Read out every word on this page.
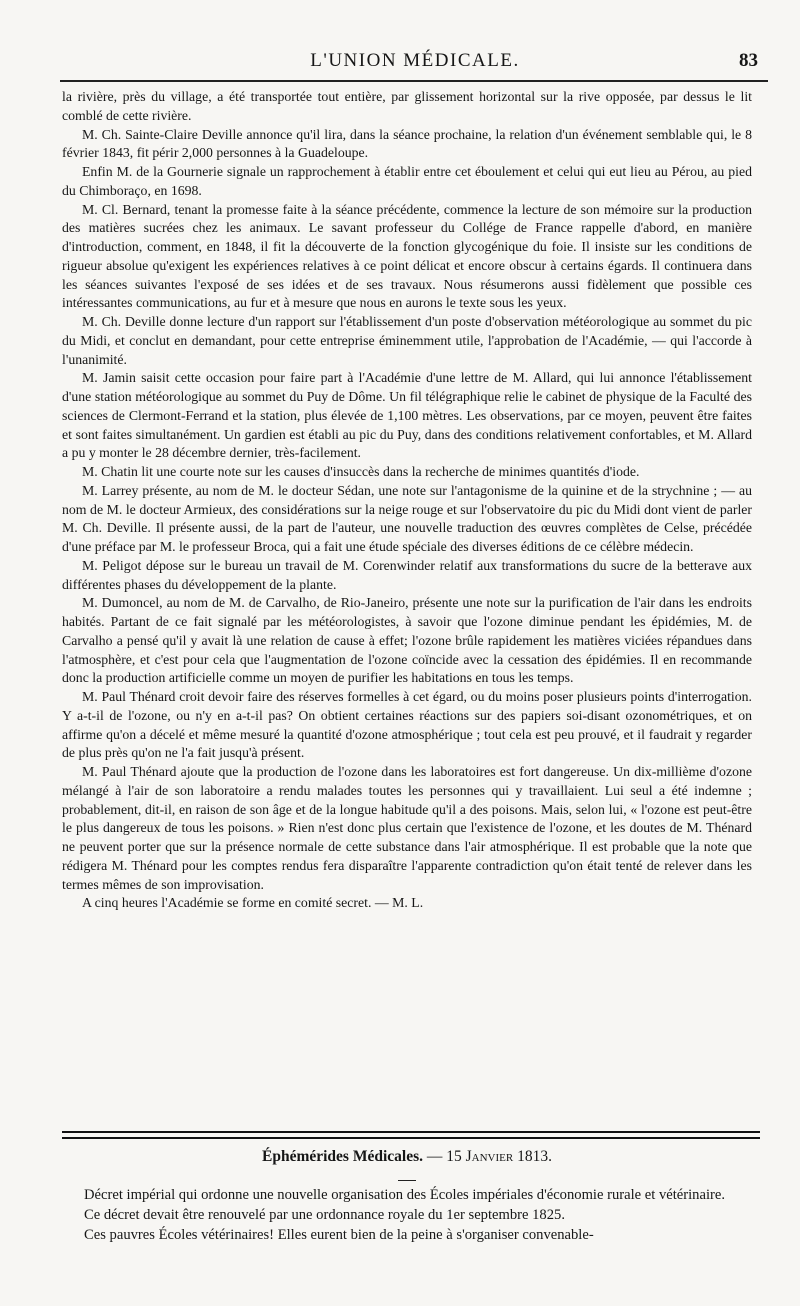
L'UNION MÉDICALE.	83

la rivière, près du village, a été transportée tout entière, par glissement horizontal sur la rive opposée, par dessus le lit comblé de cette rivière.

M. Ch. Sainte-Claire Deville annonce qu'il lira, dans la séance prochaine, la relation d'un événement semblable qui, le 8 février 1843, fit périr 2,000 personnes à la Guadeloupe.

Enfin M. de la Gournerie signale un rapprochement à établir entre cet éboulement et celui qui eut lieu au Pérou, au pied du Chimboraço, en 1698.

M. Cl. Bernard, tenant la promesse faite à la séance précédente, commence la lecture de son mémoire sur la production des matières sucrées chez les animaux. Le savant professeur du Collége de France rappelle d'abord, en manière d'introduction, comment, en 1848, il fit la découverte de la fonction glycogénique du foie. Il insiste sur les conditions de rigueur absolue qu'exigent les expériences relatives à ce point délicat et encore obscur à certains égards. Il continuera dans les séances suivantes l'exposé de ses idées et de ses travaux. Nous résumerons aussi fidèlement que possible ces intéressantes communications, au fur et à mesure que nous en aurons le texte sous les yeux.

M. Ch. Deville donne lecture d'un rapport sur l'établissement d'un poste d'observation météorologique au sommet du pic du Midi, et conclut en demandant, pour cette entreprise éminemment utile, l'approbation de l'Académie, — qui l'accorde à l'unanimité.

M. Jamin saisit cette occasion pour faire part à l'Académie d'une lettre de M. Allard, qui lui annonce l'établissement d'une station météorologique au sommet du Puy de Dôme. Un fil télégraphique relie le cabinet de physique de la Faculté des sciences de Clermont-Ferrand et la station, plus élevée de 1,100 mètres. Les observations, par ce moyen, peuvent être faites et sont faites simultanément. Un gardien est établi au pic du Puy, dans des conditions relativement confortables, et M. Allard a pu y monter le 28 décembre dernier, très-facilement.

M. Chatin lit une courte note sur les causes d'insuccès dans la recherche de minimes quantités d'iode.

M. Larrey présente, au nom de M. le docteur Sédan, une note sur l'antagonisme de la quinine et de la strychnine ; — au nom de M. le docteur Armieux, des considérations sur la neige rouge et sur l'observatoire du pic du Midi dont vient de parler M. Ch. Deville. Il présente aussi, de la part de l'auteur, une nouvelle traduction des œuvres complètes de Celse, précédée d'une préface par M. le professeur Broca, qui a fait une étude spéciale des diverses éditions de ce célèbre médecin.

M. Peligot dépose sur le bureau un travail de M. Corenwinder relatif aux transformations du sucre de la betterave aux différentes phases du développement de la plante.

M. Dumoncel, au nom de M. de Carvalho, de Rio-Janeiro, présente une note sur la purification de l'air dans les endroits habités. Partant de ce fait signalé par les météorologistes, à savoir que l'ozone diminue pendant les épidémies, M. de Carvalho a pensé qu'il y avait là une relation de cause à effet; l'ozone brûle rapidement les matières viciées répandues dans l'atmosphère, et c'est pour cela que l'augmentation de l'ozone coïncide avec la cessation des épidémies. Il en recommande donc la production artificielle comme un moyen de purifier les habitations en tous les temps.

M. Paul Thénard croit devoir faire des réserves formelles à cet égard, ou du moins poser plusieurs points d'interrogation. Y a-t-il de l'ozone, ou n'y en a-t-il pas? On obtient certaines réactions sur des papiers soi-disant ozonométriques, et on affirme qu'on a décelé et même mesuré la quantité d'ozone atmosphérique ; tout cela est peu prouvé, et il faudrait y regarder de plus près qu'on ne l'a fait jusqu'à présent.

M. Paul Thénard ajoute que la production de l'ozone dans les laboratoires est fort dangereuse. Un dix-millième d'ozone mélangé à l'air de son laboratoire a rendu malades toutes les personnes qui y travaillaient. Lui seul a été indemne ; probablement, dit-il, en raison de son âge et de la longue habitude qu'il a des poisons. Mais, selon lui, « l'ozone est peut-être le plus dangereux de tous les poisons. » Rien n'est donc plus certain que l'existence de l'ozone, et les doutes de M. Thénard ne peuvent porter que sur la présence normale de cette substance dans l'air atmosphérique. Il est probable que la note que rédigera M. Thénard pour les comptes rendus fera disparaître l'apparente contradiction qu'on était tenté de relever dans les termes mêmes de son improvisation.

A cinq heures l'Académie se forme en comité secret. — M. L.

Éphémérides Médicales. — 15 Janvier 1813.

Décret impérial qui ordonne une nouvelle organisation des Écoles impériales d'économie rurale et vétérinaire.

Ce décret devait être renouvelé par une ordonnance royale du 1er septembre 1825.

Ces pauvres Écoles vétérinaires! Elles eurent bien de la peine à s'organiser convenable-
